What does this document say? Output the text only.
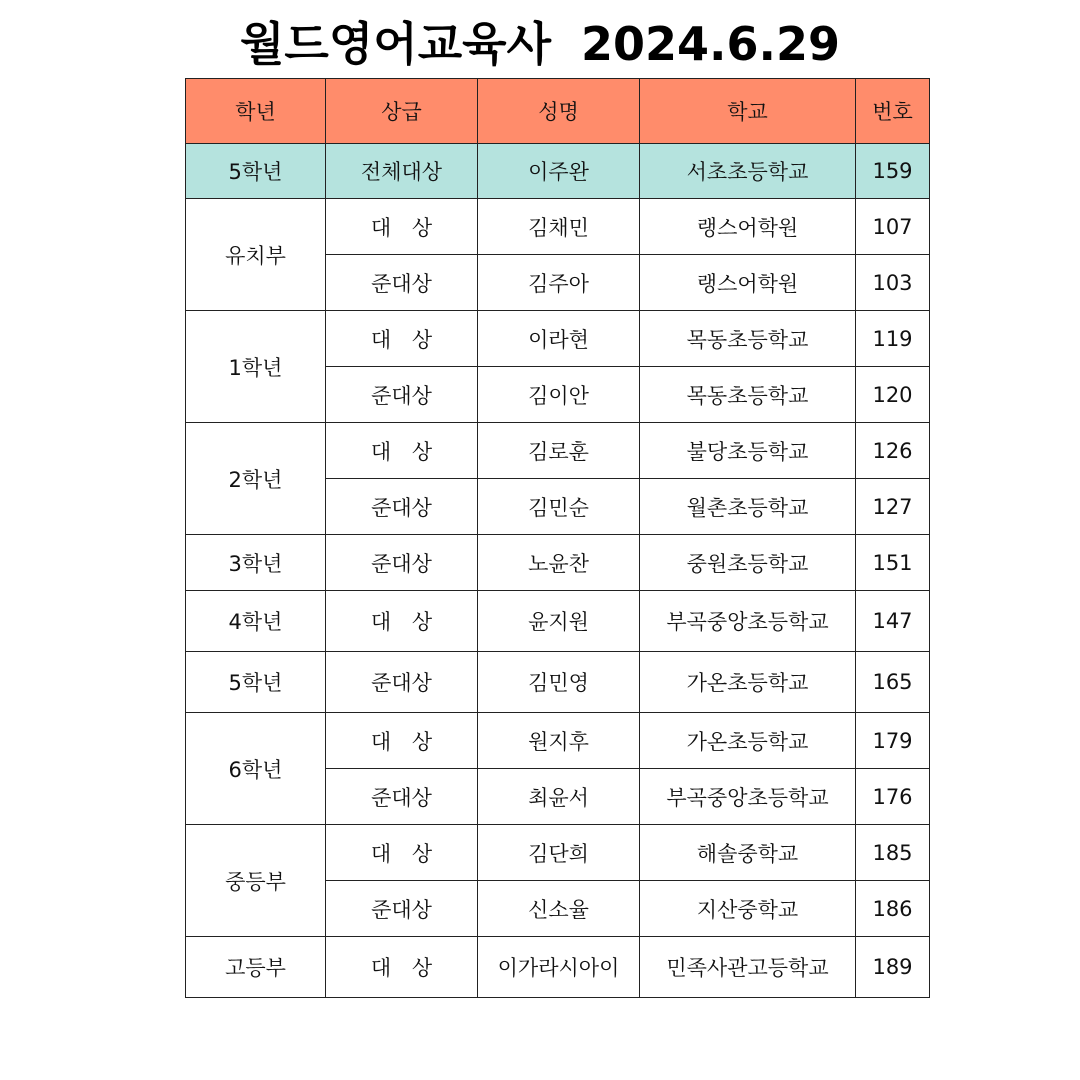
월드영어교육사 2024.6.29
학년	상급	성명	학교	번호
5학년	전체대상	이주완	서초초등학교	159
유치부	대 상	김채민	랭스어학원	107
	준대상	김주아	랭스어학원	103
1학년	대 상	이라현	목동초등학교	119
	준대상	김이안	목동초등학교	120
2학년	대 상	김로훈	불당초등학교	126
	준대상	김민순	월촌초등학교	127
3학년	준대상	노윤찬	중원초등학교	151
4학년	대 상	윤지원	부곡중앙초등학교	147
5학년	준대상	김민영	가온초등학교	165
6학년	대 상	원지후	가온초등학교	179
	준대상	최윤서	부곡중앙초등학교	176
중등부	대 상	김단희	해솔중학교	185
	준대상	신소율	지산중학교	186
고등부	대 상	이가라시아이	민족사관고등학교	189
